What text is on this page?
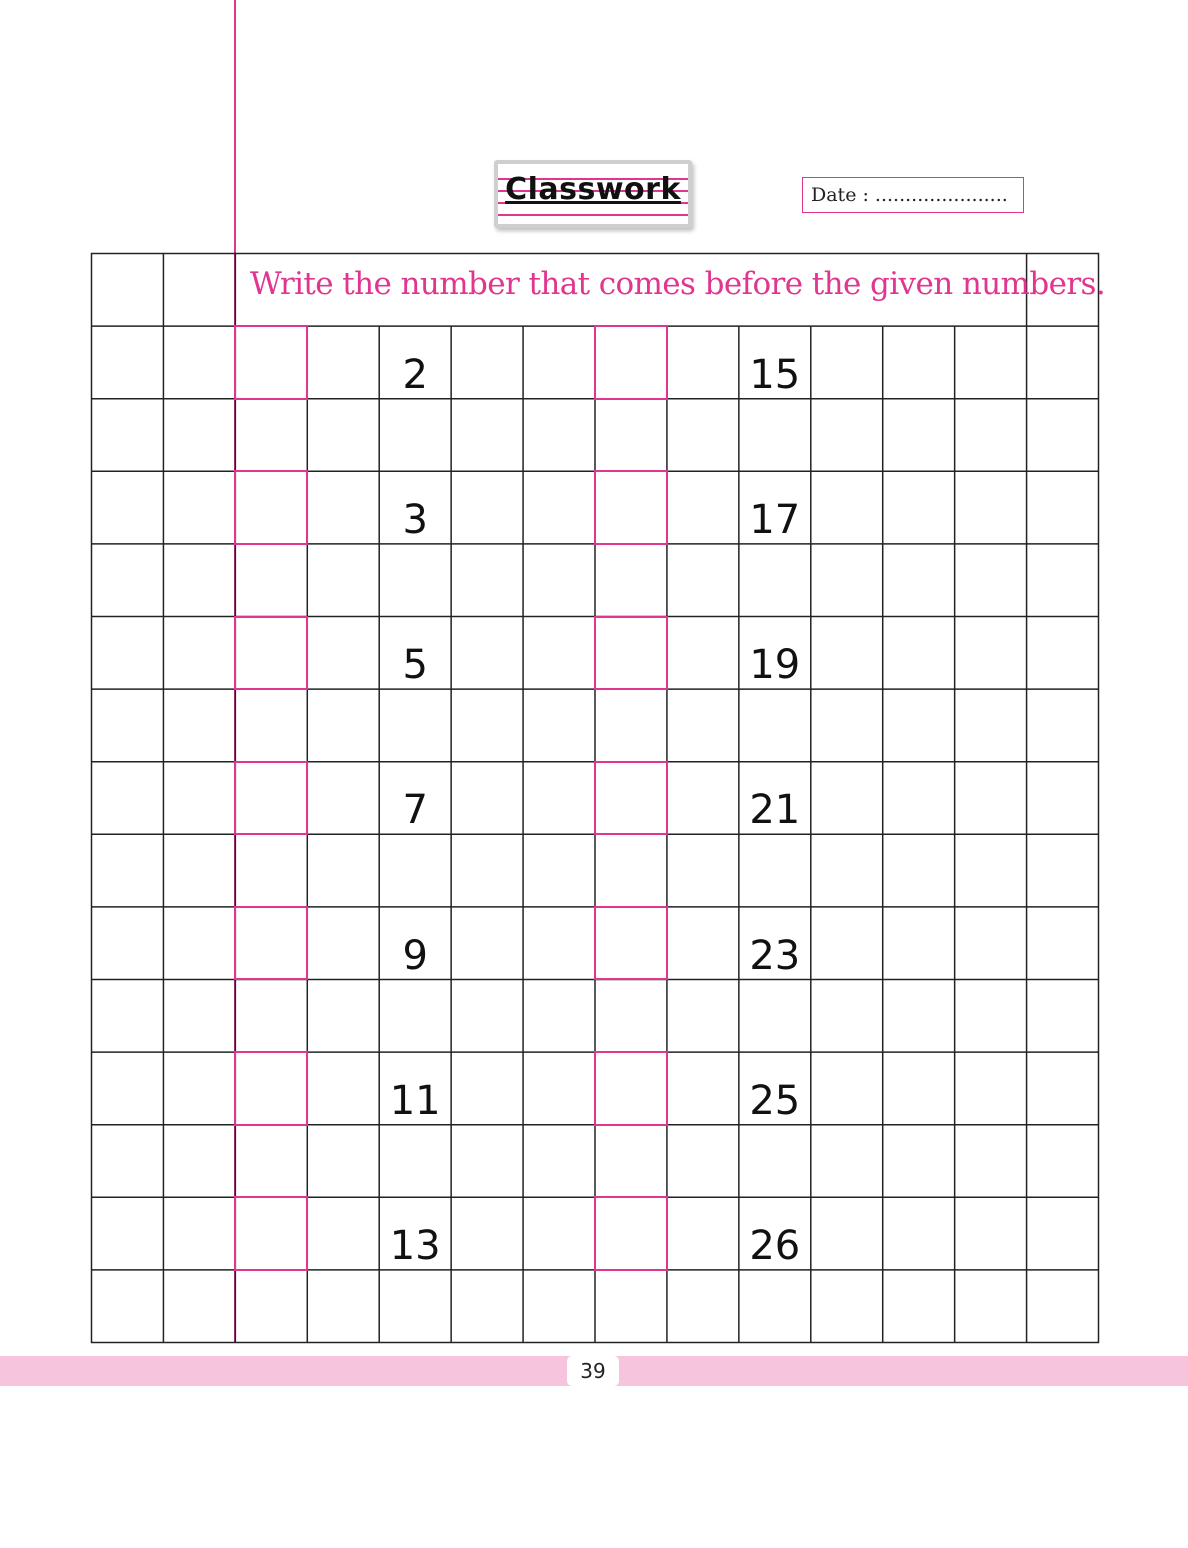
Classwork	Date : ......................
Write the number that comes before the given numbers.
2	15
3	17
5	19
7	21
9	23
11	25
13	26
39
